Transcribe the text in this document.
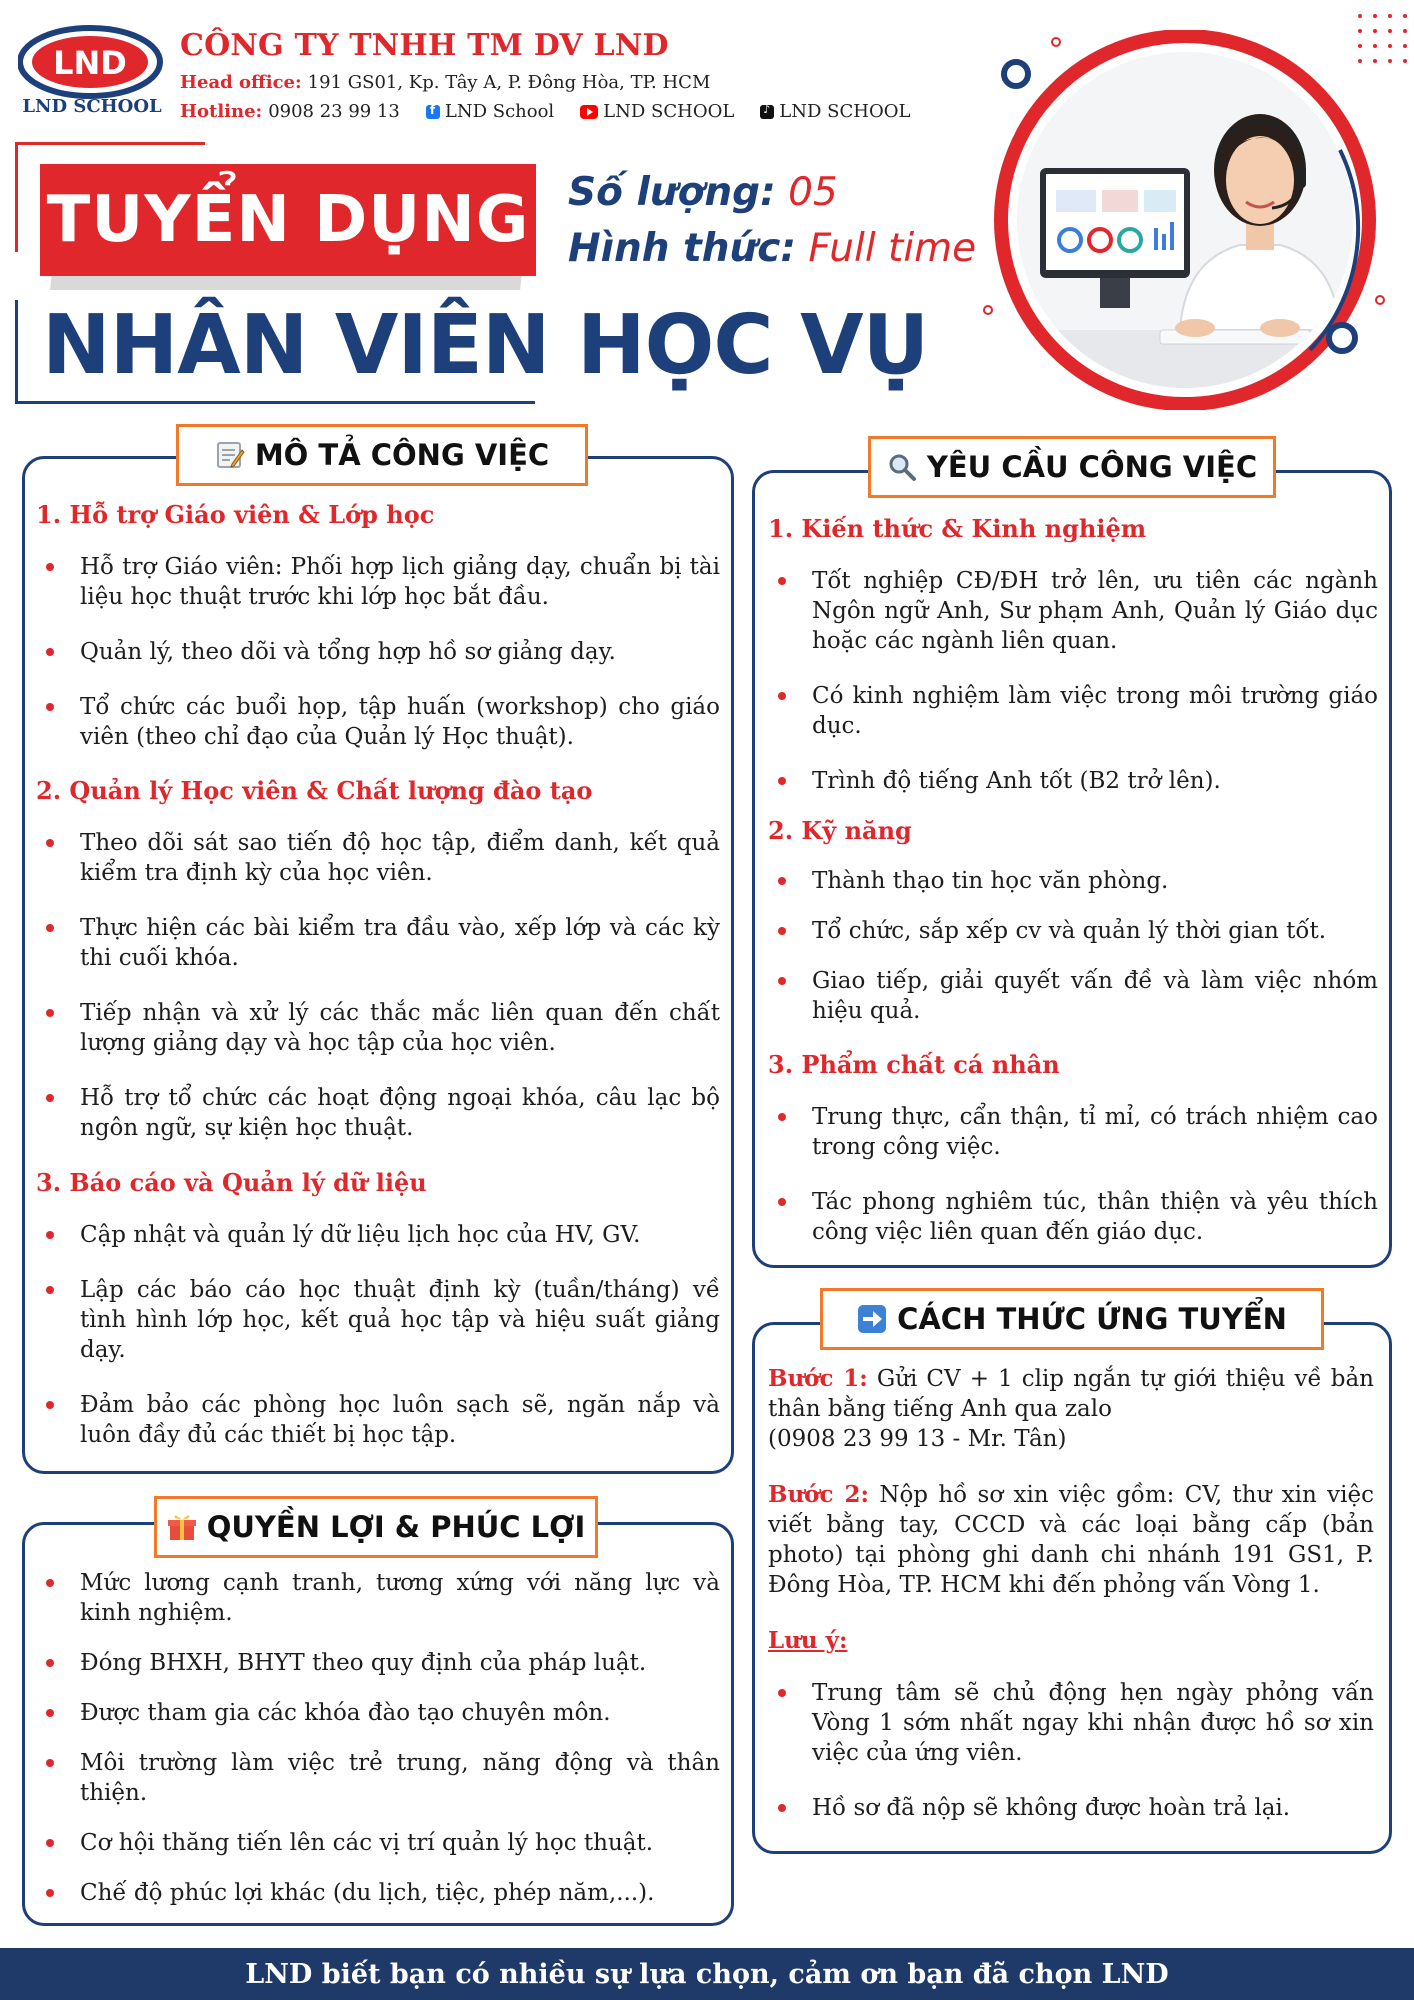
LND
LND SCHOOL
CÔNG TY TNHH TM DV LND
Head office: 191 GS01, Kp. Tây A, P. Đông Hòa, TP. HCM
Hotline: 0908 23 99 13 f	LND School	LND SCHOOL ♪	LND SCHOOL
TUYỂN DỤNG Số lượng: 05
Hình thức: Full time
NHÂN VIÊN HỌC VỤ
MÔ TẢ CÔNG VIỆC
1. Hỗ trợ Giáo viên & Lớp học
Hỗ trợ Giáo viên: Phối hợp lịch giảng dạy, chuẩn bị tài liệu học thuật trước khi lớp học bắt đầu.
Quản lý, theo dõi và tổng hợp hồ sơ giảng dạy.
Tổ chức các buổi họp, tập huấn (workshop) cho giáo viên (theo chỉ đạo của Quản lý Học thuật).
2. Quản lý Học viên & Chất lượng đào tạo
Theo dõi sát sao tiến độ học tập, điểm danh, kết quả kiểm tra định kỳ của học viên.
Thực hiện các bài kiểm tra đầu vào, xếp lớp và các kỳ thi cuối khóa.
Tiếp nhận và xử lý các thắc mắc liên quan đến chất lượng giảng dạy và học tập của học viên.
Hỗ trợ tổ chức các hoạt động ngoại khóa, câu lạc bộ ngôn ngữ, sự kiện học thuật.
3. Báo cáo và Quản lý dữ liệu
Cập nhật và quản lý dữ liệu lịch học của HV, GV.
Lập các báo cáo học thuật định kỳ (tuần/tháng) về tình hình lớp học, kết quả học tập và hiệu suất giảng dạy.
Đảm bảo các phòng học luôn sạch sẽ, ngăn nắp và luôn đầy đủ các thiết bị học tập.
QUYỀN LỢI & PHÚC LỢI
Mức lương cạnh tranh, tương xứng với năng lực và kinh nghiệm.
Đóng BHXH, BHYT theo quy định của pháp luật.
Được tham gia các khóa đào tạo chuyên môn.
Môi trường làm việc trẻ trung, năng động và thân thiện.
Cơ hội thăng tiến lên các vị trí quản lý học thuật.
Chế độ phúc lợi khác (du lịch, tiệc, phép năm,...).
YÊU CẦU CÔNG VIỆC
1. Kiến thức & Kinh nghiệm
Tốt nghiệp CĐ/ĐH trở lên, ưu tiên các ngành Ngôn ngữ Anh, Sư phạm Anh, Quản lý Giáo dục hoặc các ngành liên quan.
Có kinh nghiệm làm việc trong môi trường giáo dục.
Trình độ tiếng Anh tốt (B2 trở lên).
2. Kỹ năng
Thành thạo tin học văn phòng.
Tổ chức, sắp xếp cv và quản lý thời gian tốt.
Giao tiếp, giải quyết vấn đề và làm việc nhóm hiệu quả.
3. Phẩm chất cá nhân
Trung thực, cẩn thận, tỉ mỉ, có trách nhiệm cao trong công việc.
Tác phong nghiêm túc, thân thiện và yêu thích công việc liên quan đến giáo dục.
CÁCH THỨC ỨNG TUYỂN
Bước 1: Gửi CV + 1 clip ngắn tự giới thiệu về bản thân bằng tiếng Anh qua zalo
(0908 23 99 13 - Mr. Tân)
Bước 2: Nộp hồ sơ xin việc gồm: CV, thư xin việc viết bằng tay, CCCD và các loại bằng cấp (bản photo) tại phòng ghi danh chi nhánh 191 GS1, P. Đông Hòa, TP. HCM khi đến phỏng vấn Vòng 1.
Lưu ý:
Trung tâm sẽ chủ động hẹn ngày phỏng vấn Vòng 1 sớm nhất ngay khi nhận được hồ sơ xin việc của ứng viên.
Hồ sơ đã nộp sẽ không được hoàn trả lại.
LND biết bạn có nhiều sự lựa chọn, cảm ơn bạn đã chọn LND
